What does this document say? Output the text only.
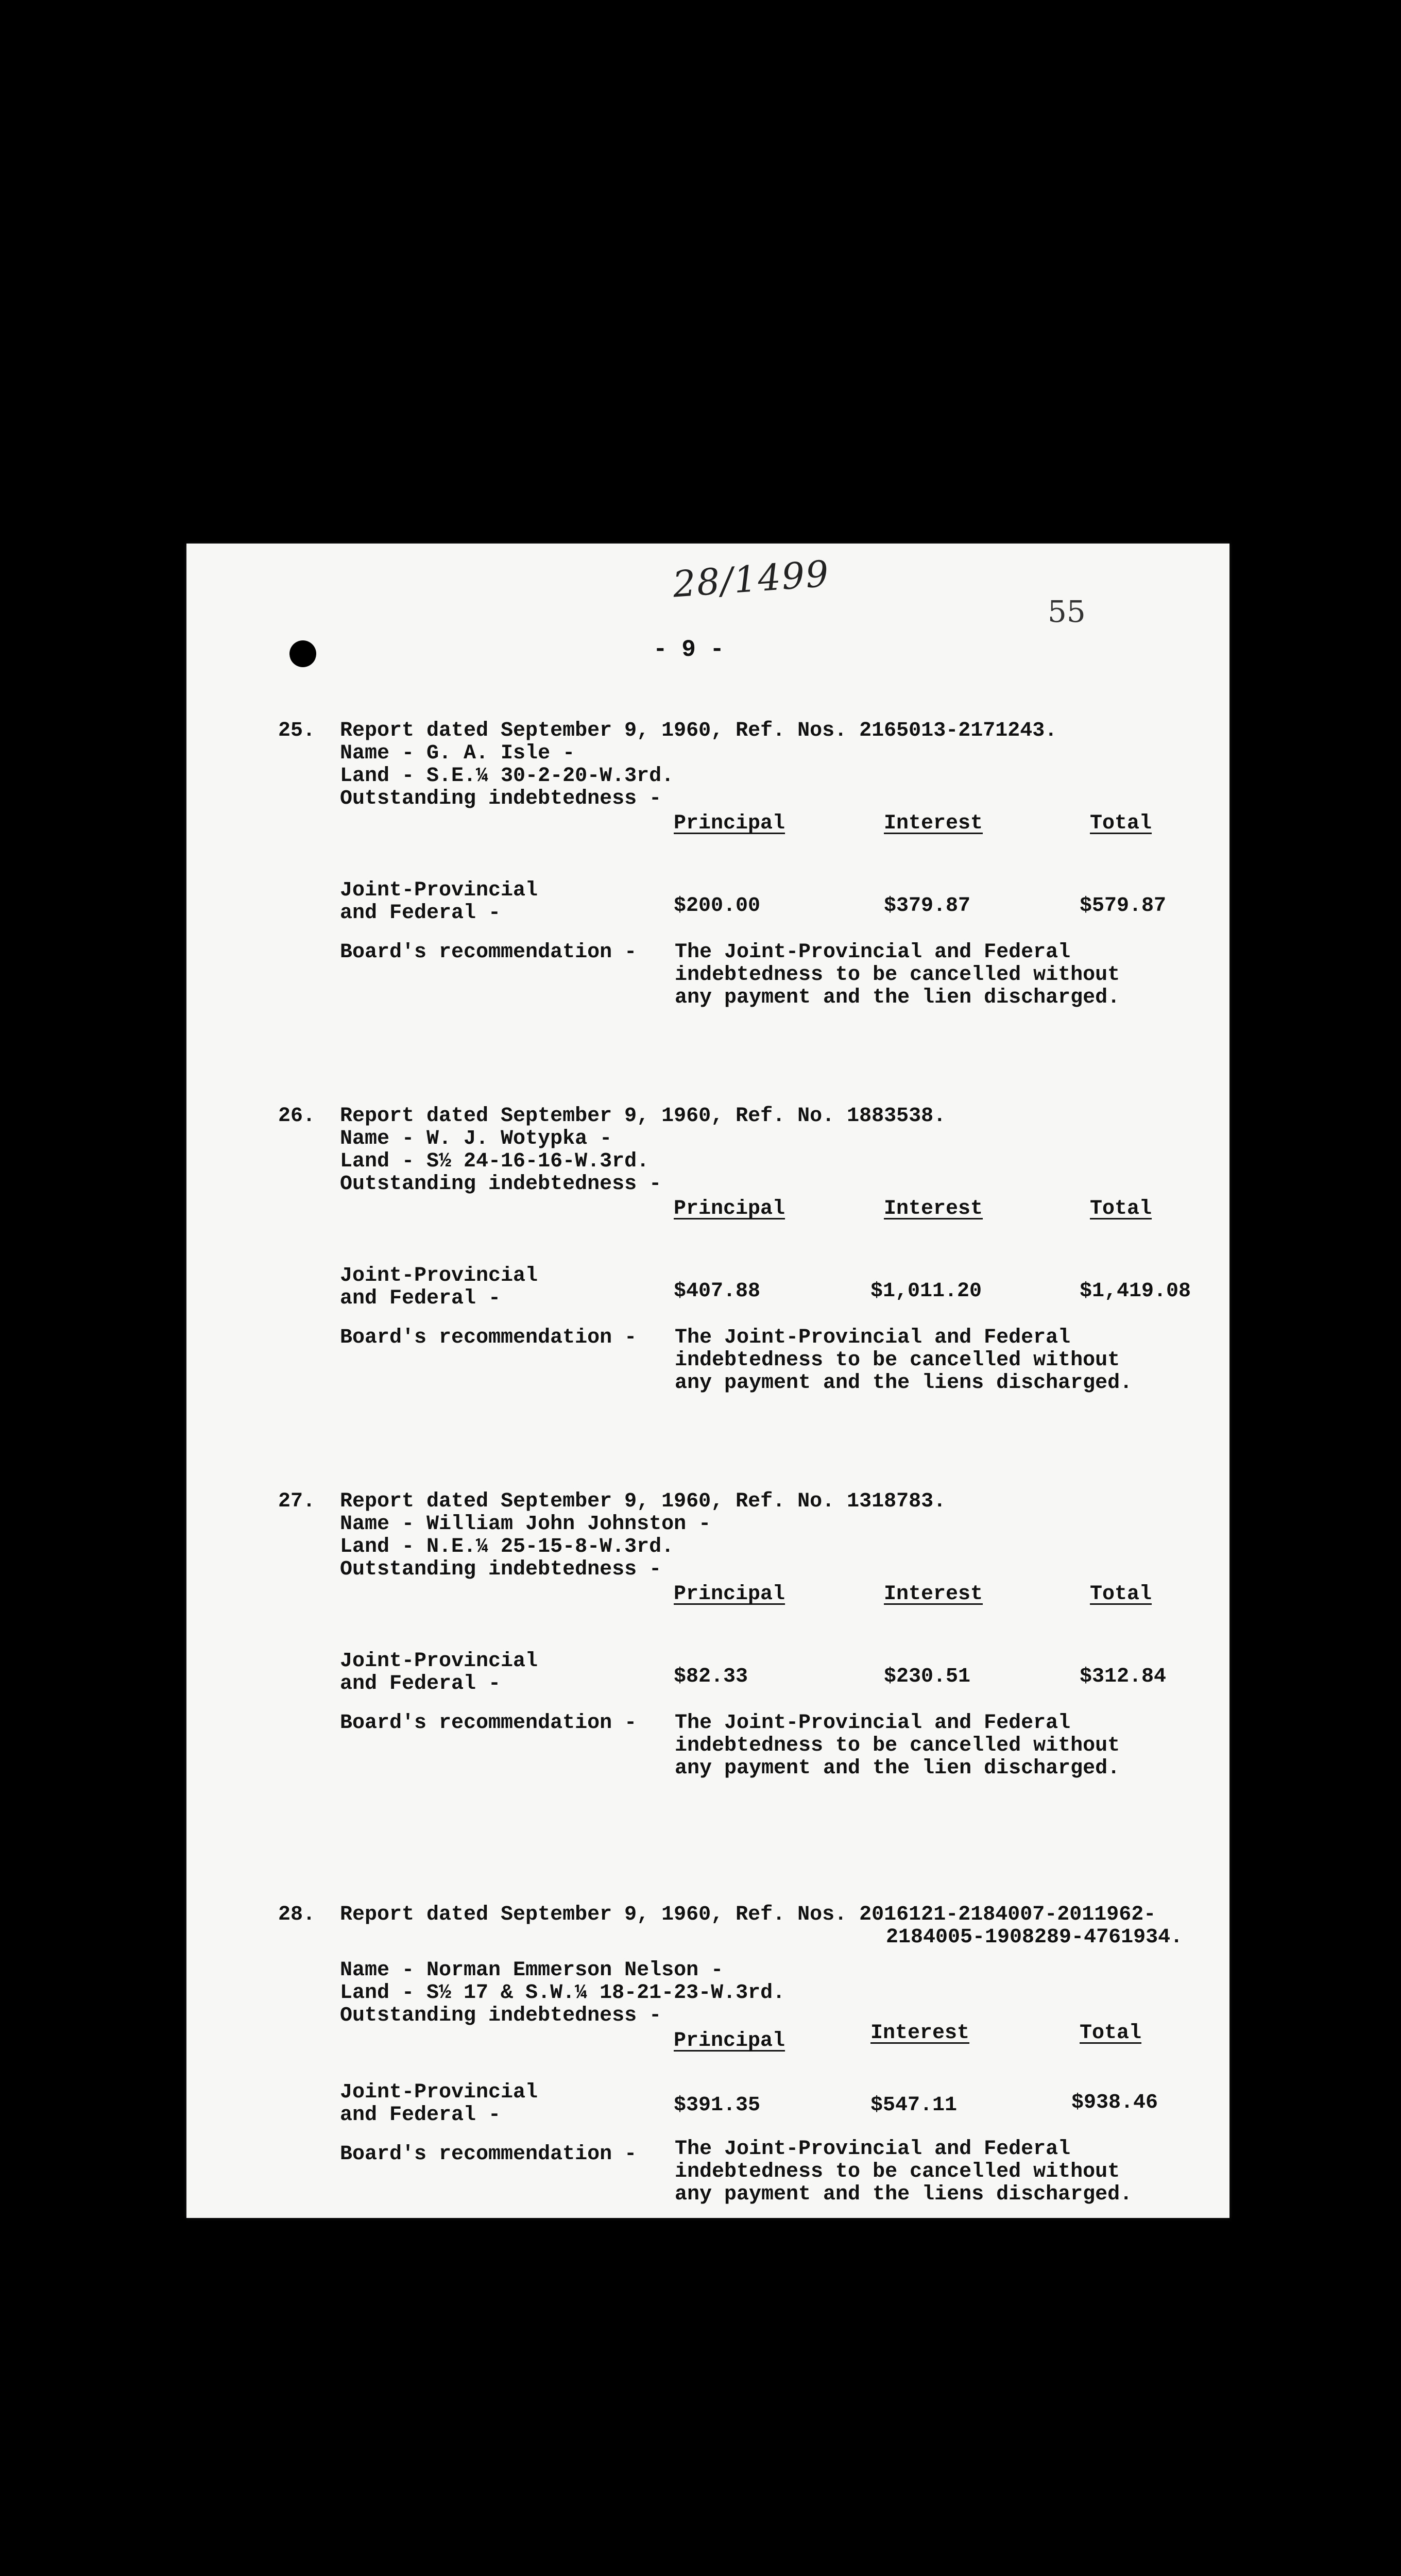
28/1499
55
- 9 -
25. Report dated September 9, 1960, Ref. Nos. 2165013-2171243.
Name - G. A. Isle -
Land - S.E.¼ 30-2-20-W.3rd.
Outstanding indebtedness -
Principal	Interest	Total
Joint-Provincial
and Federal -	$200.00	$379.87	$579.87
Board's recommendation - The Joint-Provincial and Federal
indebtedness to be cancelled without
any payment and the lien discharged.
26. Report dated September 9, 1960, Ref. No. 1883538.
Name - W. J. Wotypka -
Land - S½ 24-16-16-W.3rd.
Outstanding indebtedness -
Principal	Interest	Total
Joint-Provincial
and Federal -	$407.88	$1,011.20	$1,419.08
Board's recommendation - The Joint-Provincial and Federal
indebtedness to be cancelled without
any payment and the liens discharged.
27. Report dated September 9, 1960, Ref. No. 1318783.
Name - William John Johnston -
Land - N.E.¼ 25-15-8-W.3rd.
Outstanding indebtedness -
Principal	Interest	Total
Joint-Provincial
and Federal -	$82.33	$230.51	$312.84
Board's recommendation - The Joint-Provincial and Federal
indebtedness to be cancelled without
any payment and the lien discharged.
28. Report dated September 9, 1960, Ref. Nos. 2016121-2184007-2011962-
2184005-1908289-4761934.
Name - Norman Emmerson Nelson -
Land - S½ 17 & S.W.¼ 18-21-23-W.3rd.
Outstanding indebtedness -
Principal	Interest	Total
Joint-Provincial
and Federal -	$391.35	$547.11	$938.46
Board's recommendation - The Joint-Provincial and Federal
indebtedness to be cancelled without
any payment and the liens discharged.
